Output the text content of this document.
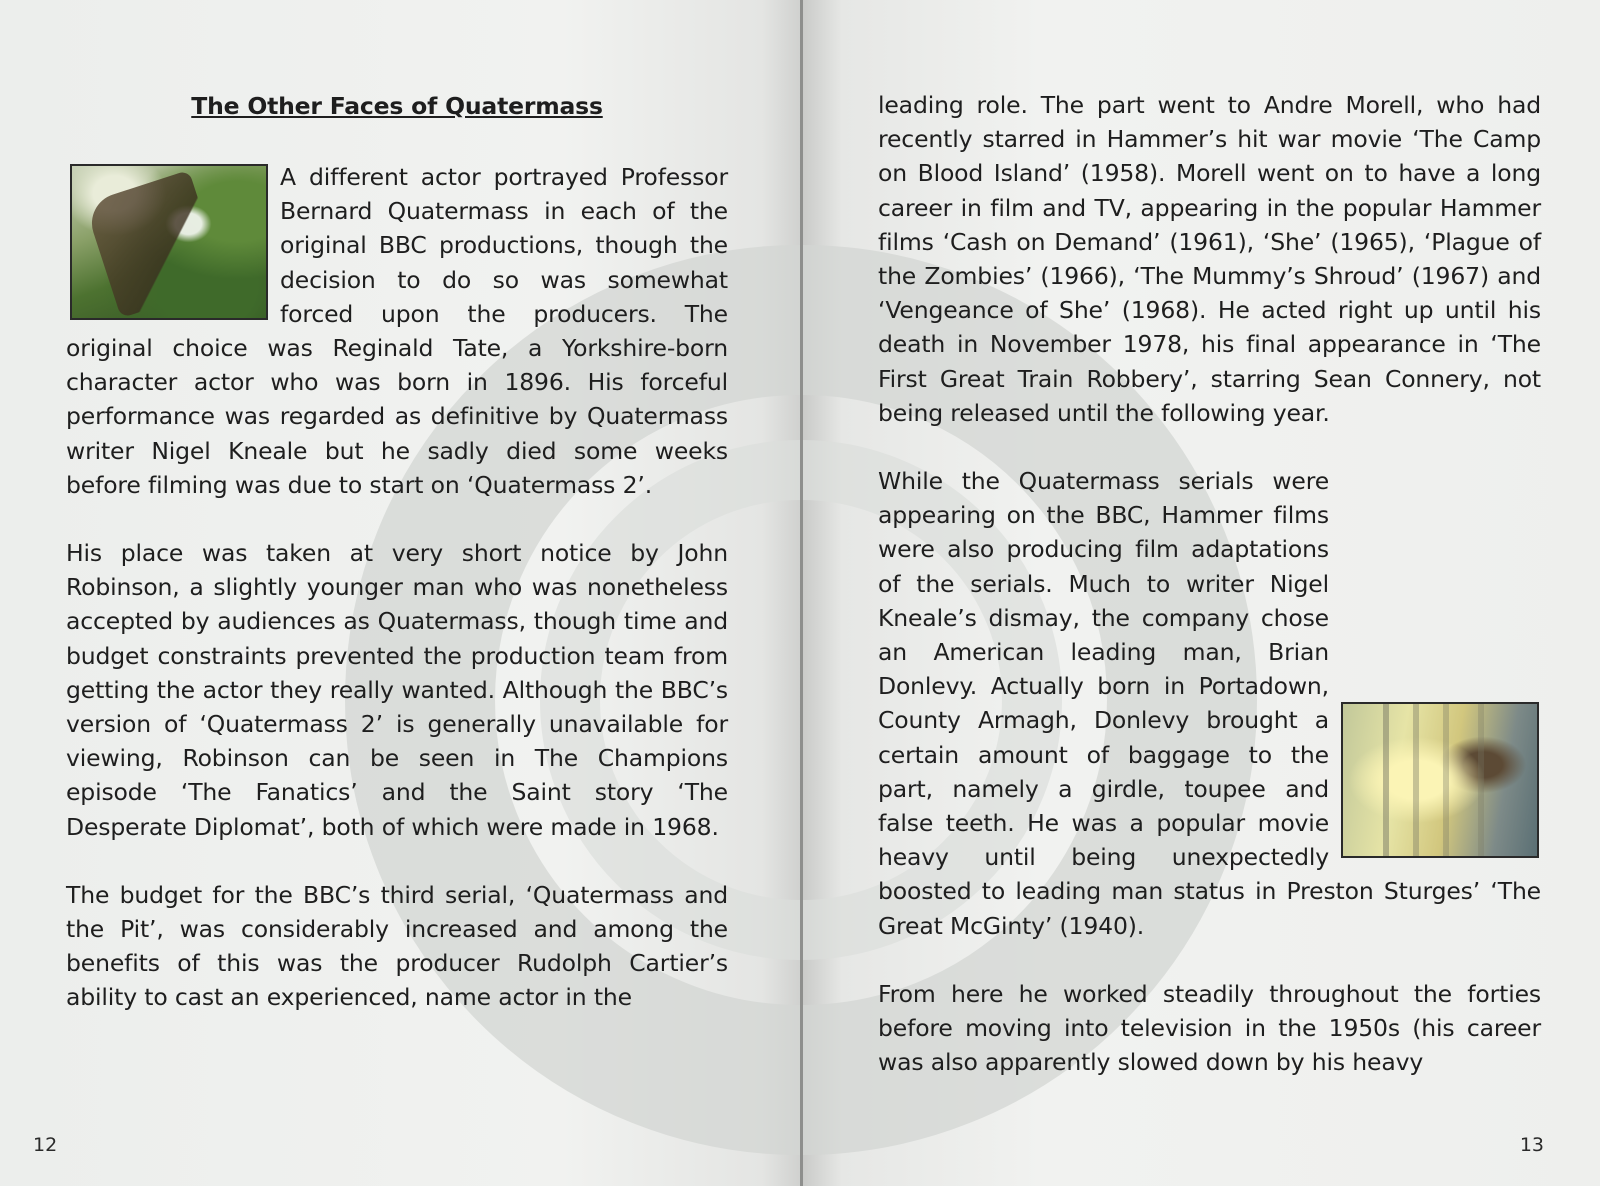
The Other Faces of Quatermass

A different actor portrayed Professor Bernard Quatermass in each of the original BBC productions, though the decision to do so was somewhat forced upon the producers. The original choice was Reginald Tate, a Yorkshire-born character actor who was born in 1896. His forceful performance was regarded as definitive by Quatermass writer Nigel Kneale but he sadly died some weeks before filming was due to start on ‘Quatermass 2’.

His place was taken at very short notice by John Robinson, a slightly younger man who was nonetheless accepted by audiences as Quatermass, though time and budget constraints prevented the production team from getting the actor they really wanted. Although the BBC’s version of ‘Quatermass 2’ is generally unavailable for viewing, Robinson can be seen in The Champions episode ‘The Fanatics’ and the Saint story ‘The Desperate Diplomat’, both of which were made in 1968.

The budget for the BBC’s third serial, ‘Quatermass and the Pit’, was considerably increased and among the benefits of this was the producer Rudolph Cartier’s ability to cast an experienced, name actor in the

12

leading role. The part went to Andre Morell, who had recently starred in Hammer’s hit war movie ‘The Camp on Blood Island’ (1958). Morell went on to have a long career in film and TV, appearing in the popular Hammer films ‘Cash on Demand’ (1961), ‘She’ (1965), ‘Plague of the Zombies’ (1966), ‘The Mummy’s Shroud’ (1967) and ‘Vengeance of She’ (1968). He acted right up until his death in November 1978, his final appearance in ‘The First Great Train Robbery’, starring Sean Connery, not being released until the following year.

While the Quatermass serials were appearing on the BBC, Hammer films were also producing film adaptations of the serials. Much to writer Nigel Kneale’s dismay, the company chose an American leading man, Brian Donlevy. Actually born in Portadown, County Armagh, Donlevy brought a certain amount of baggage to the part, namely a girdle, toupee and false teeth. He was a popular movie heavy until being unexpectedly boosted to leading man status in Preston Sturges’ ‘The Great McGinty’ (1940).

From here he worked steadily throughout the forties before moving into television in the 1950s (his career was also apparently slowed down by his heavy

13
